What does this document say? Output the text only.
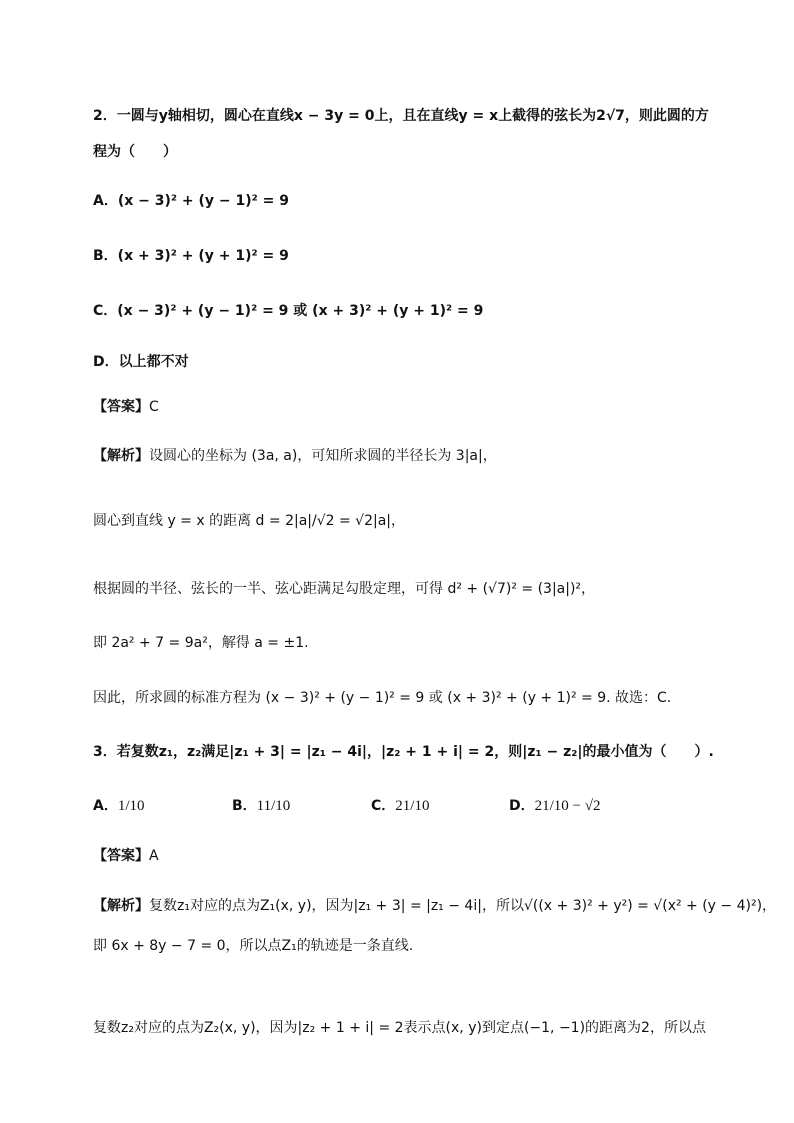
2．一圆与y轴相切，圆心在直线x − 3y = 0上，且在直线y = x上截得的弦长为2√7，则此圆的方
程为（　　）
A．(x − 3)² + (y − 1)² = 9
B．(x + 3)² + (y + 1)² = 9
C．(x − 3)² + (y − 1)² = 9 或 (x + 3)² + (y + 1)² = 9
D．以上都不对
【答案】C
【解析】设圆心的坐标为 (3a, a)，可知所求圆的半径长为 3|a|，
圆心到直线 y = x 的距离 d = 2|a|/√2 = √2|a|，
根据圆的半径、弦长的一半、弦心距满足勾股定理，可得 d² + (√7)² = (3|a|)²，
即 2a² + 7 = 9a²，解得 a = ±1.
因此，所求圆的标准方程为 (x − 3)² + (y − 1)² = 9 或 (x + 3)² + (y + 1)² = 9. 故选：C.
3．若复数z₁，z₂满足|z₁ + 3| = |z₁ − 4i|，|z₂ + 1 + i| = 2，则|z₁ − z₂|的最小值为（　　）.
A．1/10	B．11/10	C．21/10	D．21/10 − √2
【答案】A
【解析】复数z₁对应的点为Z₁(x, y)，因为|z₁ + 3| = |z₁ − 4i|，所以√((x + 3)² + y²) = √(x² + (y − 4)²)，
即 6x + 8y − 7 = 0，所以点Z₁的轨迹是一条直线.
复数z₂对应的点为Z₂(x, y)，因为|z₂ + 1 + i| = 2表示点(x, y)到定点(−1, −1)的距离为2，所以点
